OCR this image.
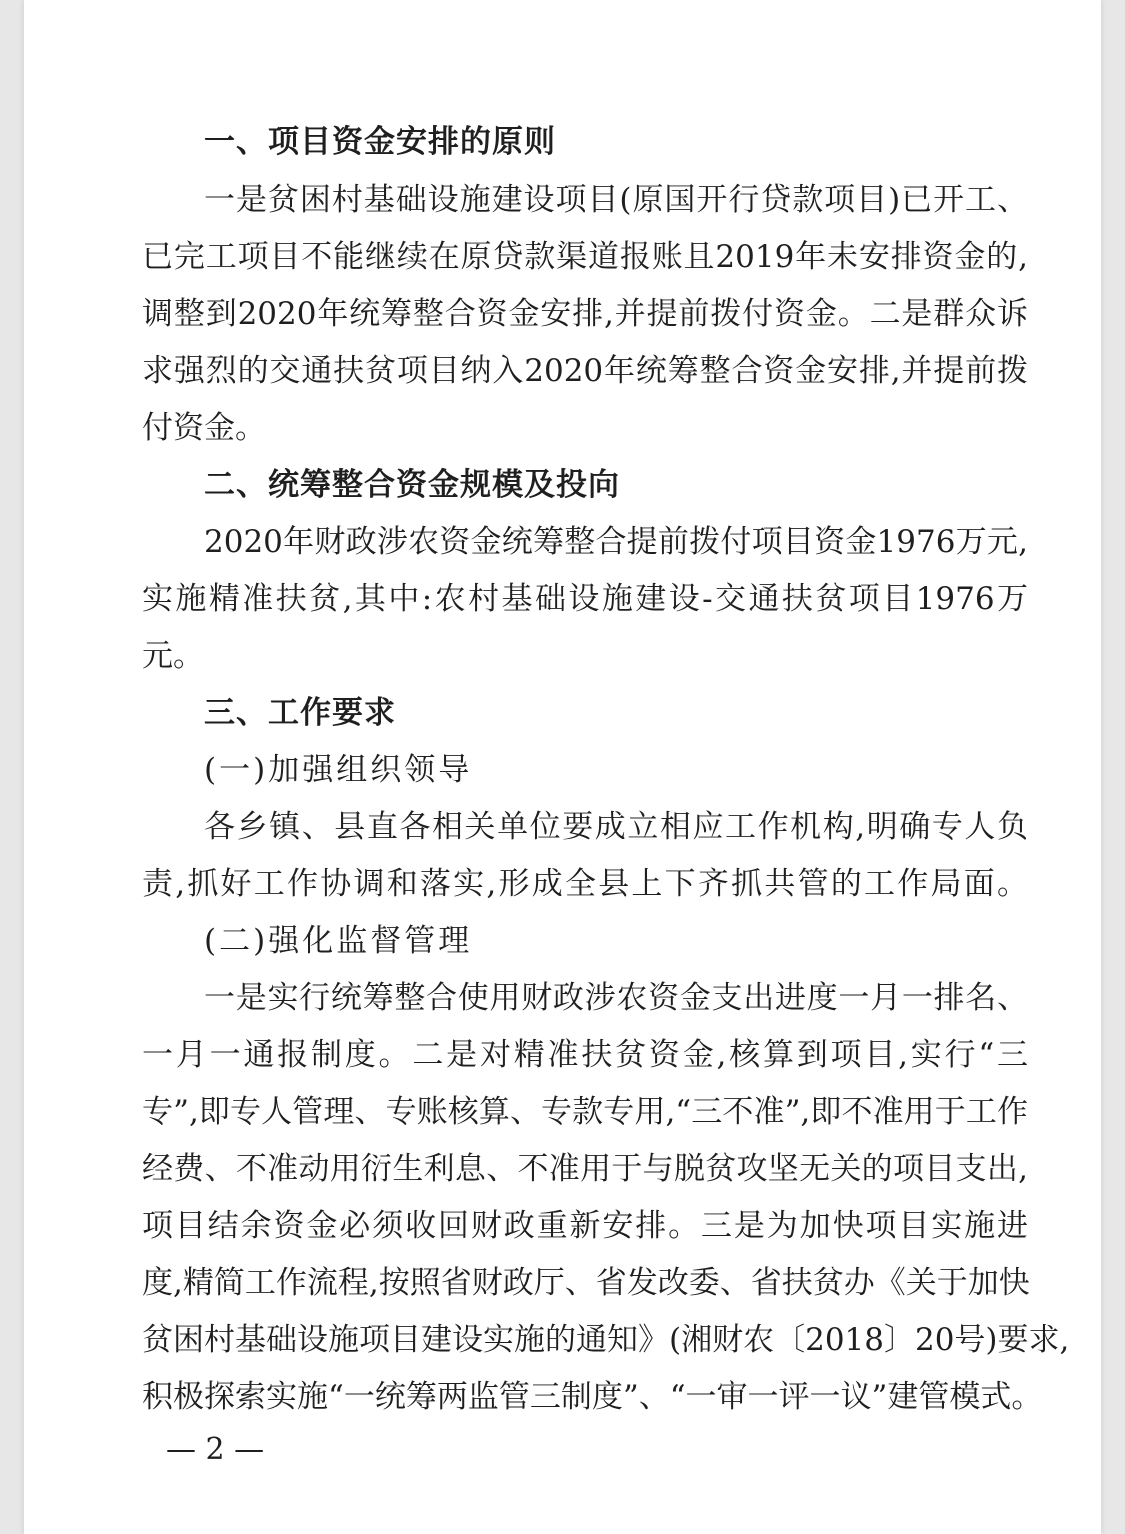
一、项目资金安排的原则

一是贫困村基础设施建设项目(原国开行贷款项目)已开工、

已完工项目不能继续在原贷款渠道报账且2019年未安排资金的,

调整到2020年统筹整合资金安排,并提前拨付资金。二是群众诉

求强烈的交通扶贫项目纳入2020年统筹整合资金安排,并提前拨

付资金。

二、统筹整合资金规模及投向

2020年财政涉农资金统筹整合提前拨付项目资金1976万元,

实施精准扶贫,其中:农村基础设施建设-交通扶贫项目1976万

元。

三、工作要求

(一)加强组织领导

各乡镇、县直各相关单位要成立相应工作机构,明确专人负

责,抓好工作协调和落实,形成全县上下齐抓共管的工作局面。

(二)强化监督管理

一是实行统筹整合使用财政涉农资金支出进度一月一排名、

一月一通报制度。二是对精准扶贫资金,核算到项目,实行“三

专”,即专人管理、专账核算、专款专用,“三不准”,即不准用于工作

经费、不准动用衍生利息、不准用于与脱贫攻坚无关的项目支出,

项目结余资金必须收回财政重新安排。三是为加快项目实施进

度,精简工作流程,按照省财政厅、省发改委、省扶贫办《关于加快

贫困村基础设施项目建设实施的通知》(湘财农〔2018〕20号)要求,

积极探索实施“一统筹两监管三制度”、“一审一评一议”建管模式。

— 2 —
